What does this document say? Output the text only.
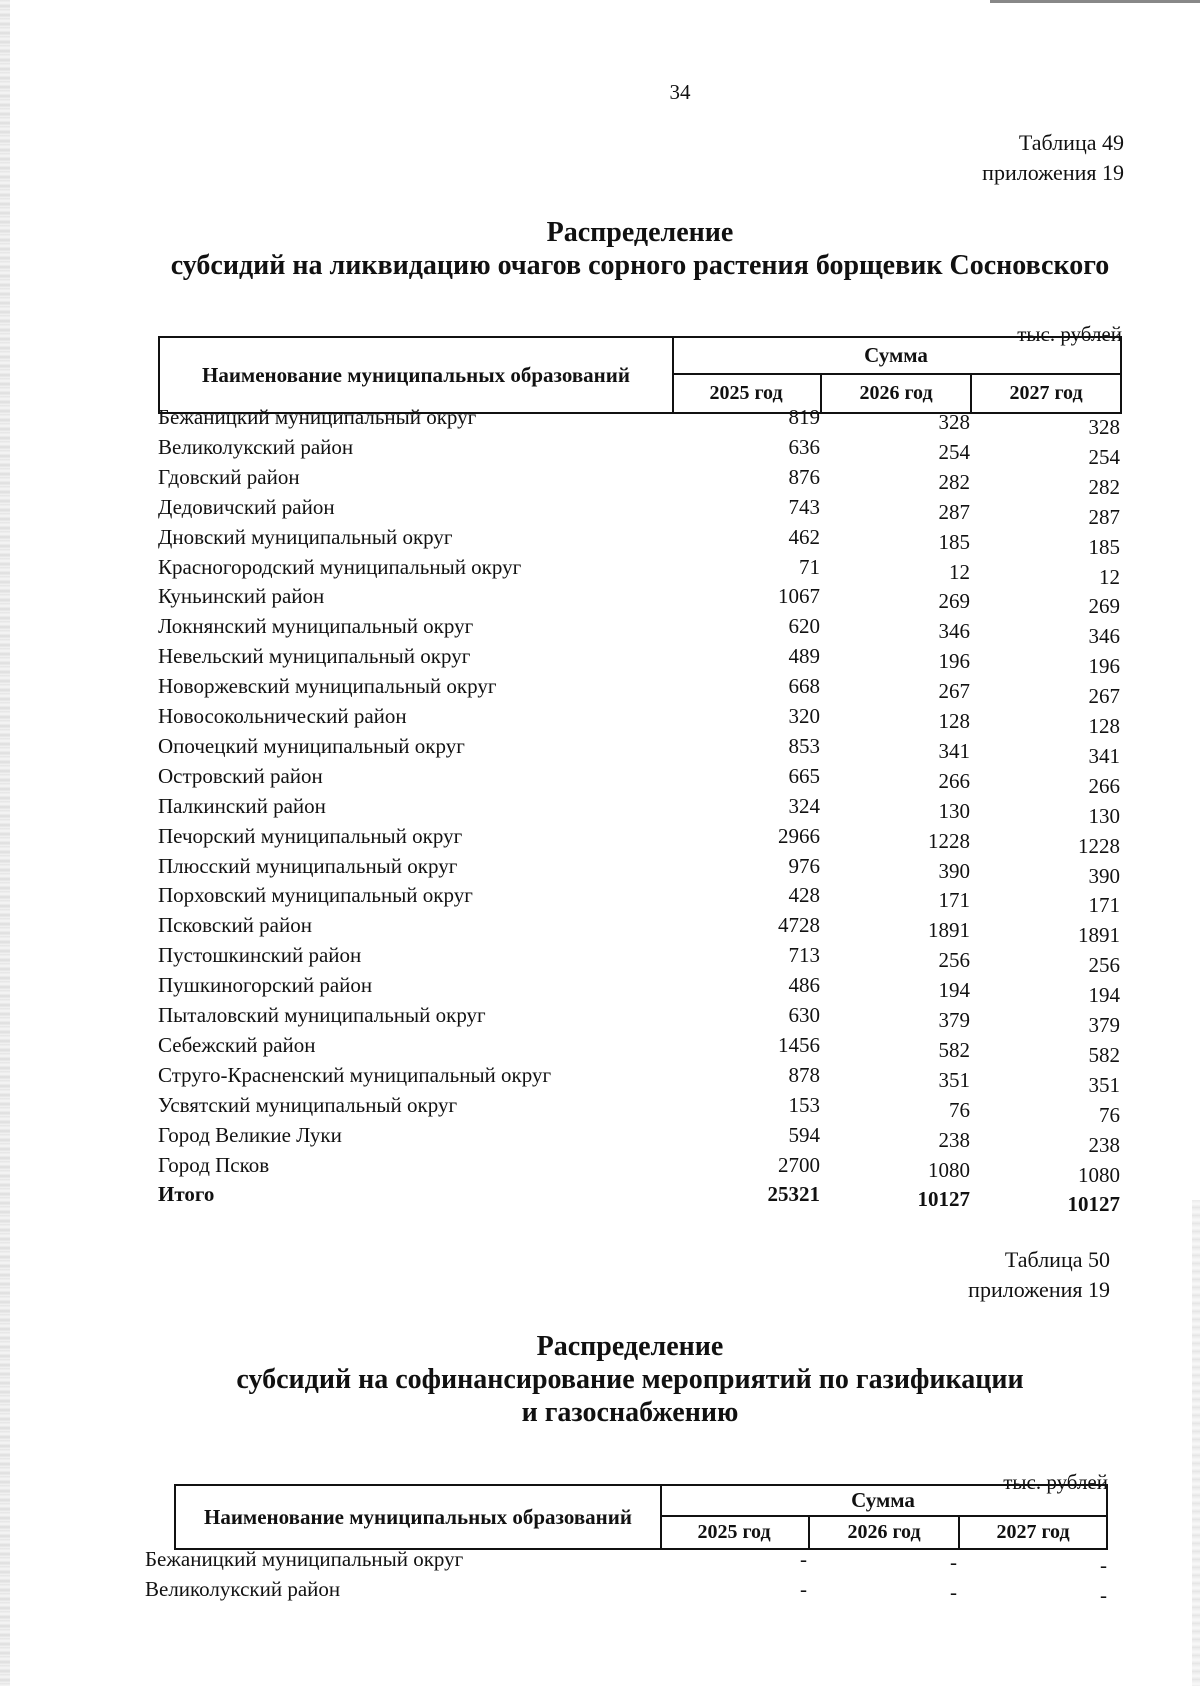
34
Таблица 49
приложения 19
Распределение
субсидий на ликвидацию очагов сорного растения борщевик Сосновского
тыс. рублей
Наименование муниципальных образований
Сумма
2025 год	2026 год	2027 год
Бежаницкий муниципальный округ	819	328	328
Великолукский район	636	254	254
Гдовский район	876	282	282
Дедовичский район	743	287	287
Дновский муниципальный округ	462	185	185
Красногородский муниципальный округ	71	12	12
Куньинский район	1067	269	269
Локнянский муниципальный округ	620	346	346
Невельский муниципальный округ	489	196	196
Новоржевский муниципальный округ	668	267	267
Новосокольнический район	320	128	128
Опочецкий муниципальный округ	853	341	341
Островский район	665	266	266
Палкинский район	324	130	130
Печорский муниципальный округ	2966	1228	1228
Плюсский муниципальный округ	976	390	390
Порховский муниципальный округ	428	171	171
Псковский район	4728	1891	1891
Пустошкинский район	713	256	256
Пушкиногорский район	486	194	194
Пыталовский муниципальный округ	630	379	379
Себежский район	1456	582	582
Струго-Красненский муниципальный округ	878	351	351
Усвятский муниципальный округ	153	76	76
Город Великие Луки	594	238	238
Город Псков	2700	1080	1080
Итого	25321	10127	10127
Таблица 50
приложения 19
Распределение
субсидий на софинансирование мероприятий по газификации
и газоснабжению
тыс. рублей
Наименование муниципальных образований
Сумма
2025 год	2026 год	2027 год
Бежаницкий муниципальный округ	-	-	-
Великолукский район	-	-	-
